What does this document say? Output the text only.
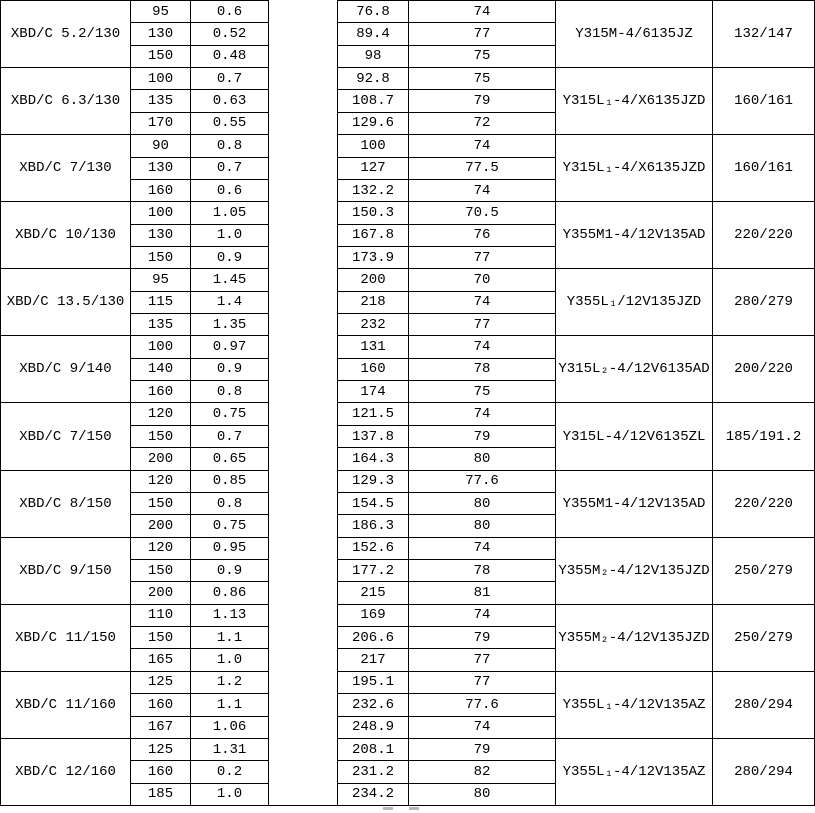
XBD/C 5.2/130	95	0.6		76.8	74	Y315M-4/6135JZ	132/147
	130	0.52		89.4	77		
	150	0.48		98	75		
XBD/C 6.3/130	100	0.7		92.8	75	Y315L₁-4/X6135JZD	160/161
	135	0.63		108.7	79		
	170	0.55		129.6	72		
XBD/C 7/130	90	0.8		100	74	Y315L₁-4/X6135JZD	160/161
	130	0.7		127	77.5		
	160	0.6		132.2	74		
XBD/C 10/130	100	1.05		150.3	70.5	Y355M1-4/12V135AD	220/220
	130	1.0		167.8	76		
	150	0.9		173.9	77		
XBD/C 13.5/130	95	1.45		200	70	Y355L₁/12V135JZD	280/279
	115	1.4		218	74		
	135	1.35		232	77		
XBD/C 9/140	100	0.97		131	74	Y315L₂-4/12V6135AD	200/220
	140	0.9		160	78		
	160	0.8		174	75		
XBD/C 7/150	120	0.75		121.5	74	Y315L-4/12V6135ZL	185/191.2
	150	0.7		137.8	79		
	200	0.65		164.3	80		
XBD/C 8/150	120	0.85		129.3	77.6	Y355M1-4/12V135AD	220/220
	150	0.8		154.5	80		
	200	0.75		186.3	80		
XBD/C 9/150	120	0.95		152.6	74	Y355M₂-4/12V135JZD	250/279
	150	0.9		177.2	78		
	200	0.86		215	81		
XBD/C 11/150	110	1.13		169	74	Y355M₂-4/12V135JZD	250/279
	150	1.1		206.6	79		
	165	1.0		217	77		
XBD/C 11/160	125	1.2		195.1	77	Y355L₁-4/12V135AZ	280/294
	160	1.1		232.6	77.6		
	167	1.06		248.9	74		
XBD/C 12/160	125	1.31		208.1	79	Y355L₁-4/12V135AZ	280/294
	160	0.2		231.2	82		
	185	1.0		234.2	80		
